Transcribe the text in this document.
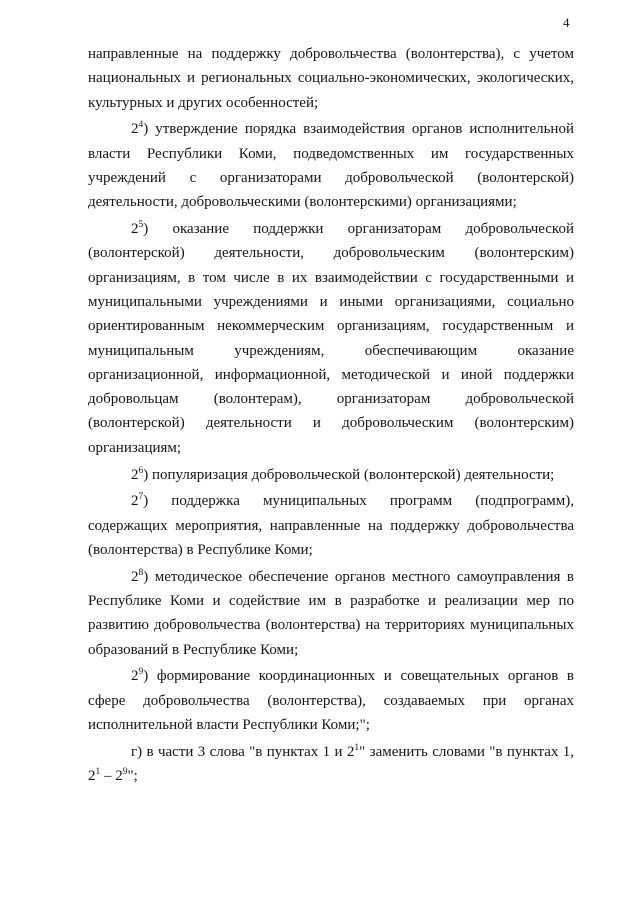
4
направленные на поддержку добровольчества (волонтерства), с учетом
национальных и региональных социально-экономических, экологических,
культурных и других особенностей;
$2^4$) утверждение порядка взаимодействия органов исполнительной
власти Республики Коми, подведомственных им государственных
учреждений с организаторами добровольческой (волонтерской)
деятельности, добровольческими (волонтерскими) организациями;
$2^5$) оказание поддержки организаторам добровольческой
(волонтерской) деятельности, добровольческим (волонтерским)
организациям, в том числе в их взаимодействии с государственными и
муниципальными учреждениями и иными организациями, социально
ориентированным некоммерческим организациям, государственным и
муниципальным учреждениям, обеспечивающим оказание
организационной, информационной, методической и иной поддержки
добровольцам (волонтерам), организаторам добровольческой
(волонтерской) деятельности и добровольческим (волонтерским)
организациям;
$2^6$) популяризация добровольческой (волонтерской) деятельности;
$2^7$) поддержка муниципальных программ (подпрограмм),
содержащих мероприятия, направленные на поддержку добровольчества
(волонтерства) в Республике Коми;
$2^8$) методическое обеспечение органов местного самоуправления в
Республике Коми и содействие им в разработке и реализации мер по
развитию добровольчества (волонтерства) на территориях муниципальных
образований в Республике Коми;
$2^9$) формирование координационных и совещательных органов в
сфере добровольчества (волонтерства), создаваемых при органах
исполнительной власти Республики Коми;";
г) в части 3 слова "в пунктах 1 и $2^1$" заменить словами "в пунктах 1,
$2^1 - 2^9$";
